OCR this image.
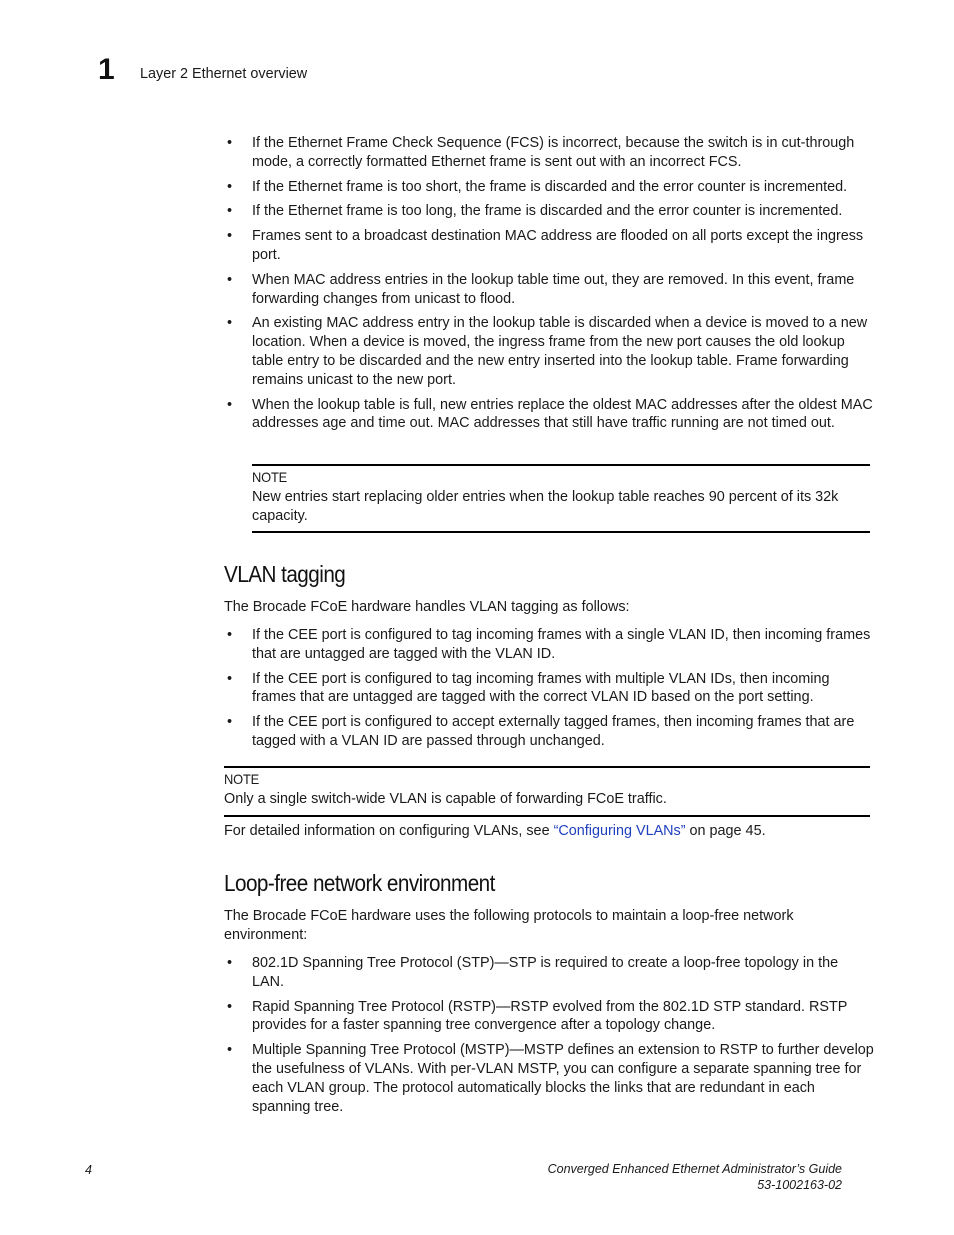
1 Layer 2 Ethernet overview
• If the Ethernet Frame Check Sequence (FCS) is incorrect, because the switch is in cut-through mode, a correctly formatted Ethernet frame is sent out with an incorrect FCS.
• If the Ethernet frame is too short, the frame is discarded and the error counter is incremented.
• If the Ethernet frame is too long, the frame is discarded and the error counter is incremented.
• Frames sent to a broadcast destination MAC address are flooded on all ports except the ingress port.
• When MAC address entries in the lookup table time out, they are removed. In this event, frame forwarding changes from unicast to flood.
• An existing MAC address entry in the lookup table is discarded when a device is moved to a new location. When a device is moved, the ingress frame from the new port causes the old lookup table entry to be discarded and the new entry inserted into the lookup table. Frame forwarding remains unicast to the new port.
• When the lookup table is full, new entries replace the oldest MAC addresses after the oldest MAC addresses age and time out. MAC addresses that still have traffic running are not timed out.
NOTE
New entries start replacing older entries when the lookup table reaches 90 percent of its 32k capacity.
VLAN tagging

The Brocade FCoE hardware handles VLAN tagging as follows:

• If the CEE port is configured to tag incoming frames with a single VLAN ID, then incoming frames that are untagged are tagged with the VLAN ID.
• If the CEE port is configured to tag incoming frames with multiple VLAN IDs, then incoming frames that are untagged are tagged with the correct VLAN ID based on the port setting.
• If the CEE port is configured to accept externally tagged frames, then incoming frames that are tagged with a VLAN ID are passed through unchanged.
NOTE
Only a single switch-wide VLAN is capable of forwarding FCoE traffic.

For detailed information on configuring VLANs, see “Configuring VLANs” on page 45.

Loop-free network environment

The Brocade FCoE hardware uses the following protocols to maintain a loop-free network environment:

• 802.1D Spanning Tree Protocol (STP)—STP is required to create a loop-free topology in the LAN.
• Rapid Spanning Tree Protocol (RSTP)—RSTP evolved from the 802.1D STP standard. RSTP provides for a faster spanning tree convergence after a topology change.
• Multiple Spanning Tree Protocol (MSTP)—MSTP defines an extension to RSTP to further develop the usefulness of VLANs. With per-VLAN MSTP, you can configure a separate spanning tree for each VLAN group. The protocol automatically blocks the links that are redundant in each spanning tree.
4	Converged Enhanced Ethernet Administrator’s Guide
53-1002163-02
